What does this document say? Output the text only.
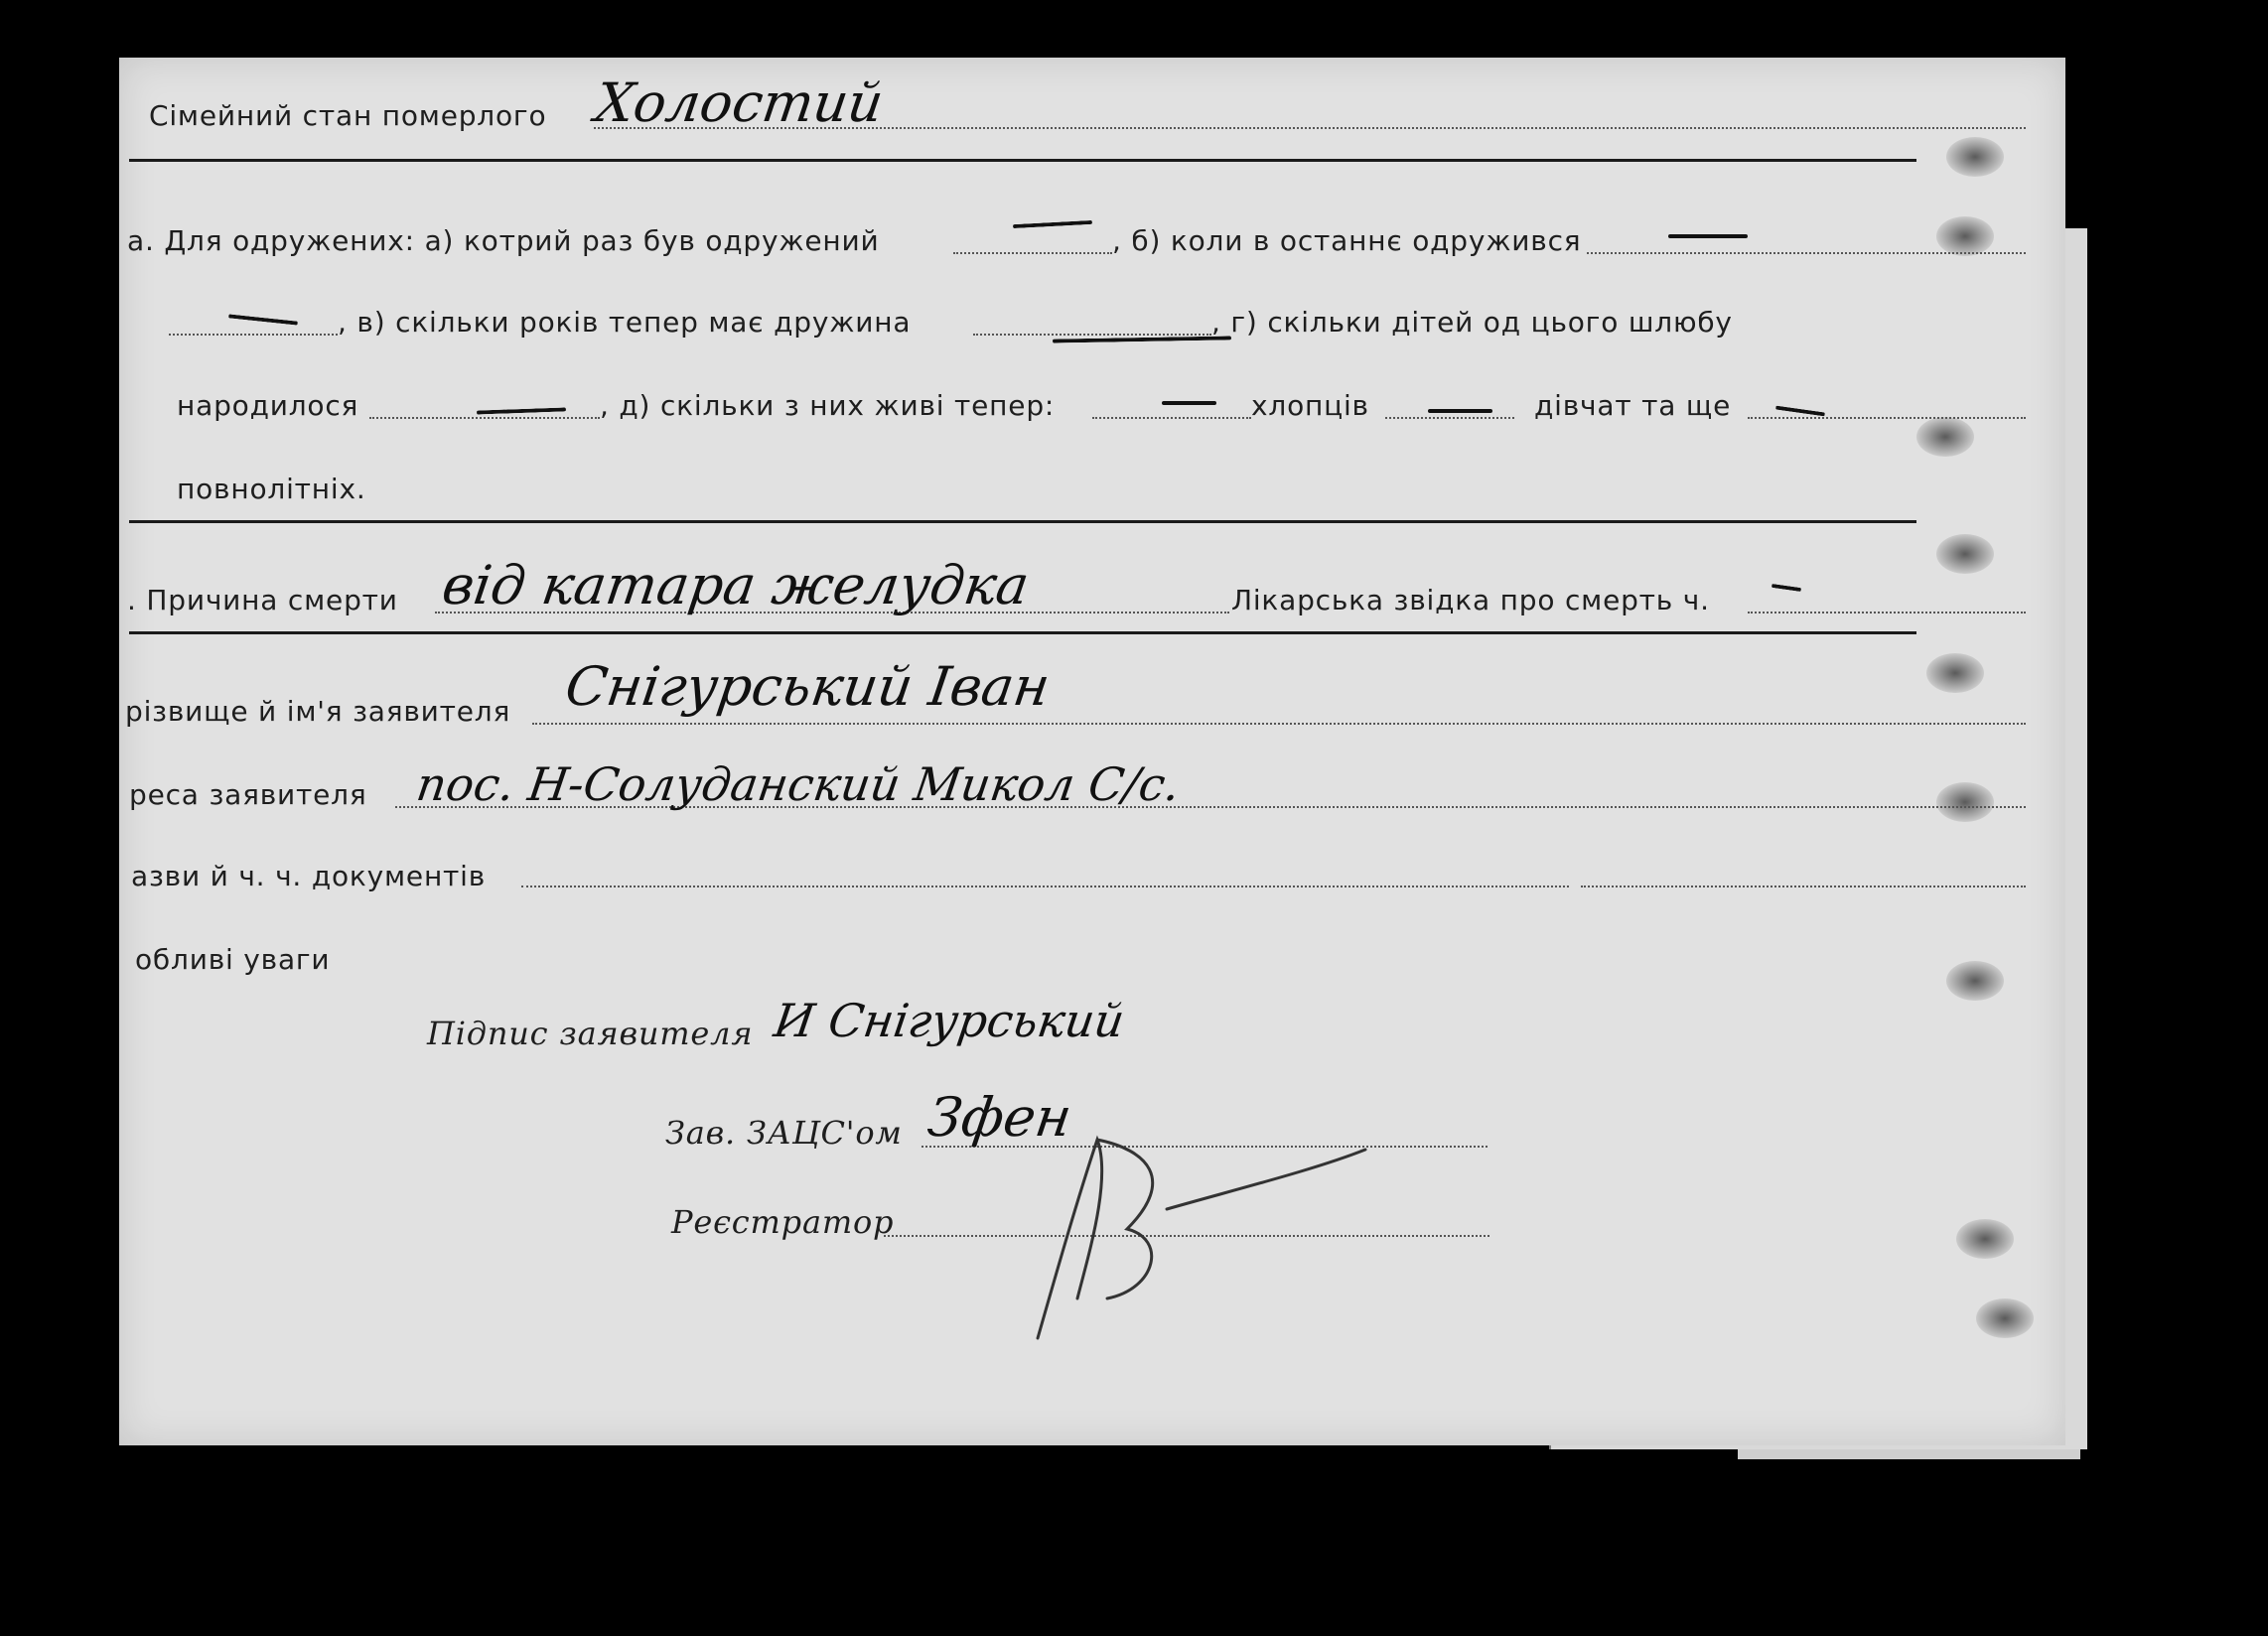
Сімейний стан померлого Холостий
а. Для одружених: а) котрий раз був одружений	, б) коли в останнє одружився
, в) скільки років тепер має дружина	, г) скільки дітей од цього шлюбу
народилося	, д) скільки з них живі тепер:	хлопців	дівчат та ще
повнолітніх.
. Причина смерти від катара желудка	Лікарська звідка про смерть ч.
різвище й ім'я заявителя Снігурський Іван
реса заявителя пос. Н-Солуданский Микол С/с.
азви й ч. ч. документів
обливі уваги
Підпис заявителя И Снігурський
Зав. ЗАЦС'ом Зфен
Реєстратор
